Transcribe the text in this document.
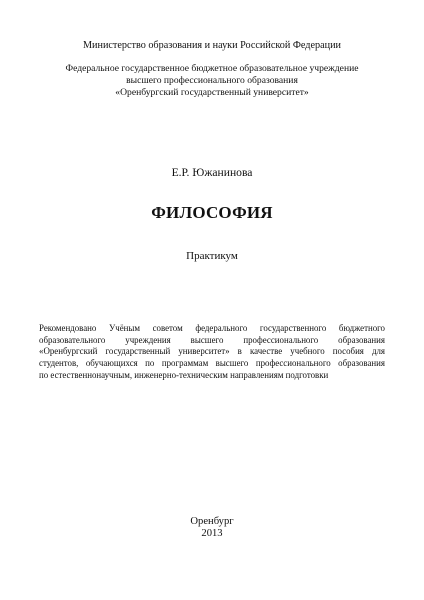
Министерство образования и науки Российской Федерации
Федеральное государственное бюджетное образовательное учреждение
высшего профессионального образования
«Оренбургский государственный университет»
Е.Р. Южанинова
ФИЛОСОФИЯ
Практикум
Рекомендовано Учёным советом федерального государственного бюджетного
образовательного учреждения высшего профессионального образования
«Оренбургский государственный университет» в качестве учебного пособия для
студентов, обучающихся по программам высшего профессионального образования
по естественнонаучным, инженерно-техническим направлениям подготовки
Оренбург
2013
